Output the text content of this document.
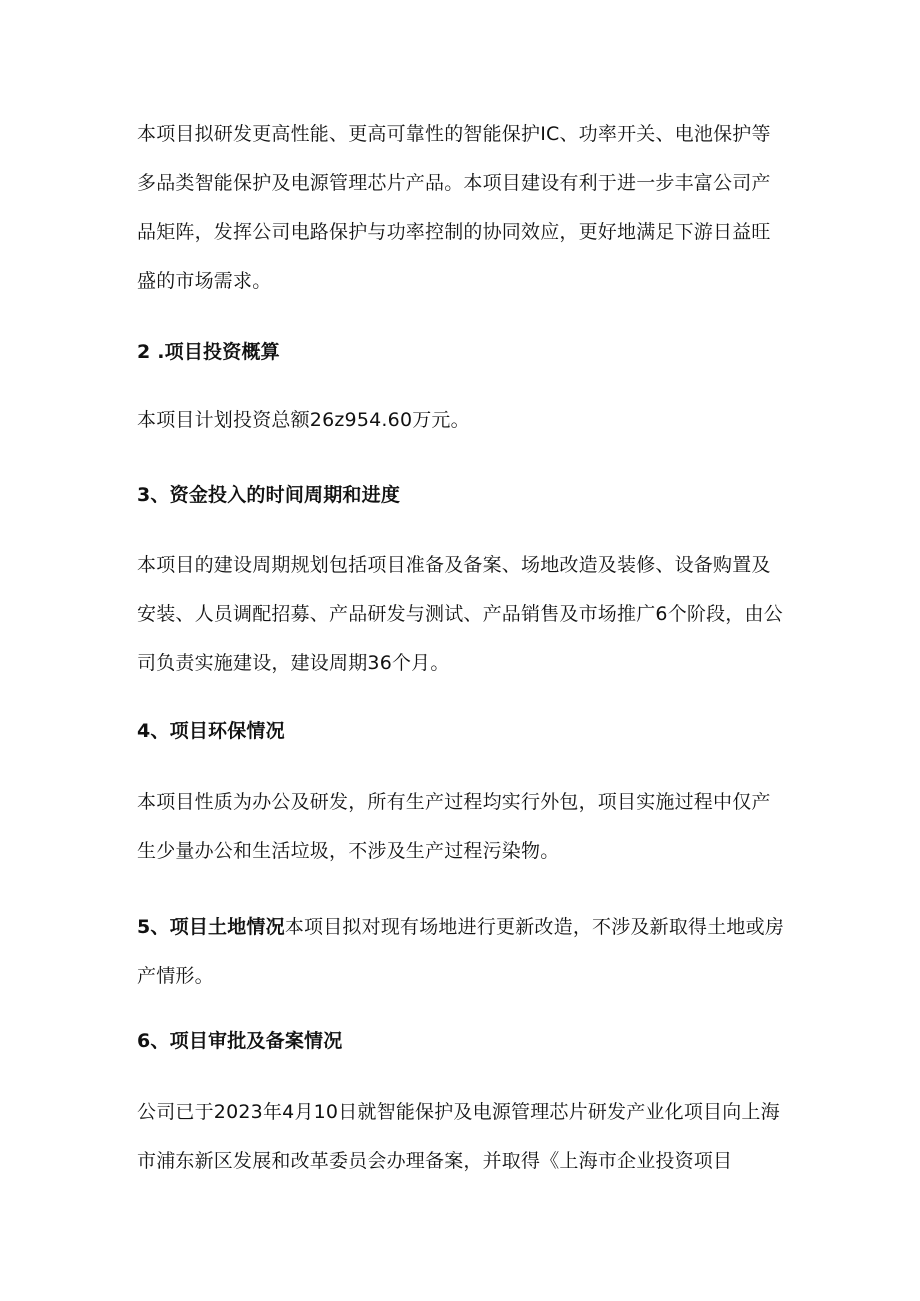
本项目拟研发更高性能、更高可靠性的智能保护IC、功率开关、电池保护等多品类智能保护及电源管理芯片产品。本项目建设有利于进一步丰富公司产品矩阵，发挥公司电路保护与功率控制的协同效应，更好地满足下游日益旺盛的市场需求。
2 .项目投资概算
本项目计划投资总额26z954.60万元。
3、资金投入的时间周期和进度
本项目的建设周期规划包括项目准备及备案、场地改造及装修、设备购置及安装、人员调配招募、产品研发与测试、产品销售及市场推广6个阶段，由公司负责实施建设，建设周期36个月。
4、项目环保情况
本项目性质为办公及研发，所有生产过程均实行外包，项目实施过程中仅产生少量办公和生活垃圾，不涉及生产过程污染物。
5、项目土地情况本项目拟对现有场地进行更新改造，不涉及新取得土地或房产情形。
6、项目审批及备案情况
公司已于2023年4月10日就智能保护及电源管理芯片研发产业化项目向上海市浦东新区发展和改革委员会办理备案，并取得《上海市企业投资项目
